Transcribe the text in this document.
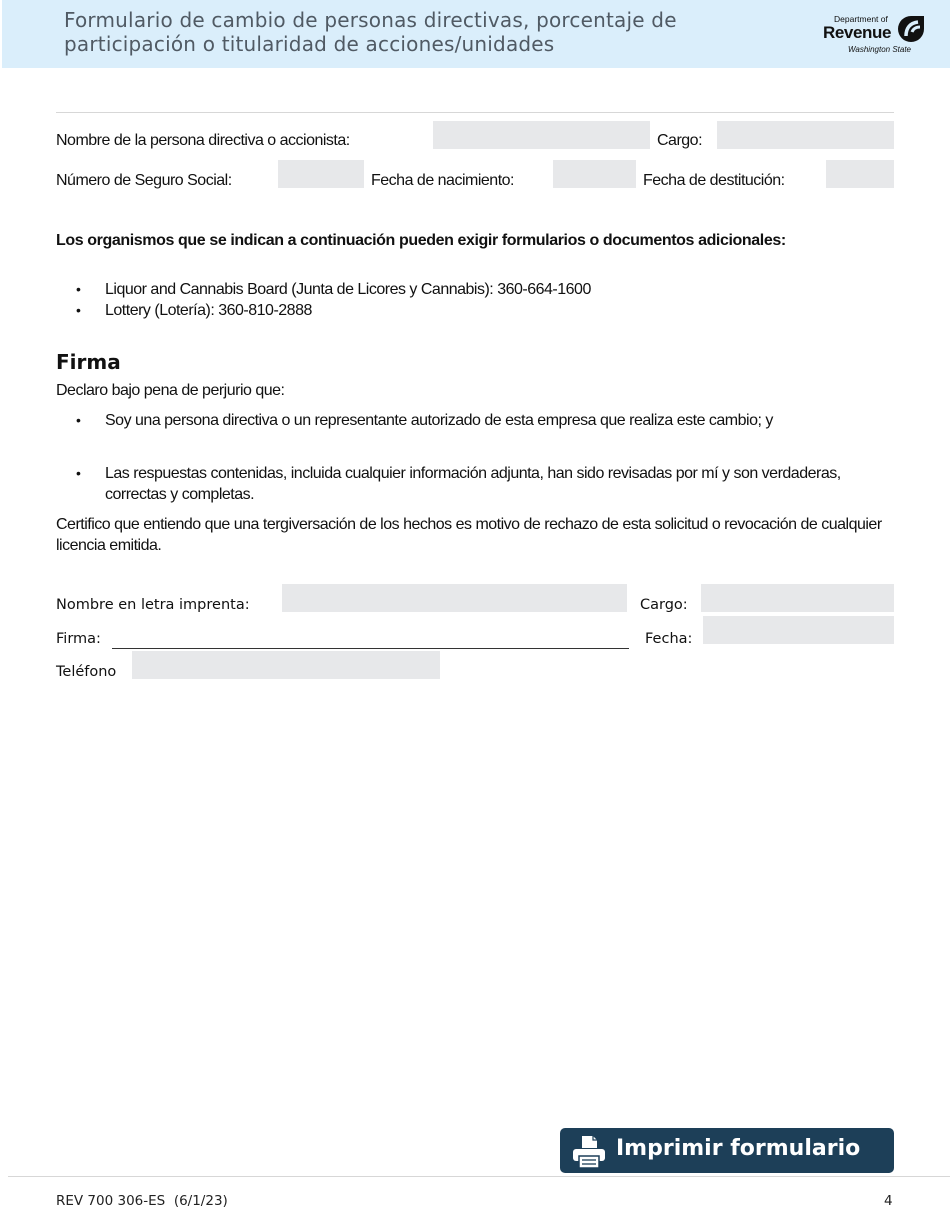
Formulario de cambio de personas directivas, porcentaje de participación o titularidad de acciones/unidades
Department of
Revenue
Washington State
Nombre de la persona directiva o accionista:	Cargo:
Número de Seguro Social:	Fecha de nacimiento:	Fecha de destitución:
Los organismos que se indican a continuación pueden exigir formularios o documentos adicionales:
• Liquor and Cannabis Board (Junta de Licores y Cannabis): 360-664-1600
• Lottery (Lotería): 360-810-2888
Firma
Declaro bajo pena de perjurio que:
• Soy una persona directiva o un representante autorizado de esta empresa que realiza este cambio; y
• Las respuestas contenidas, incluida cualquier información adjunta, han sido revisadas por mí y son verdaderas, correctas y completas.
Certifico que entiendo que una tergiversación de los hechos es motivo de rechazo de esta solicitud o revocación de cualquier licencia emitida.
Nombre en letra imprenta:	Cargo:
Firma:	Fecha:
Teléfono
Imprimir formulario
REV 700 306-ES  (6/1/23)	4
